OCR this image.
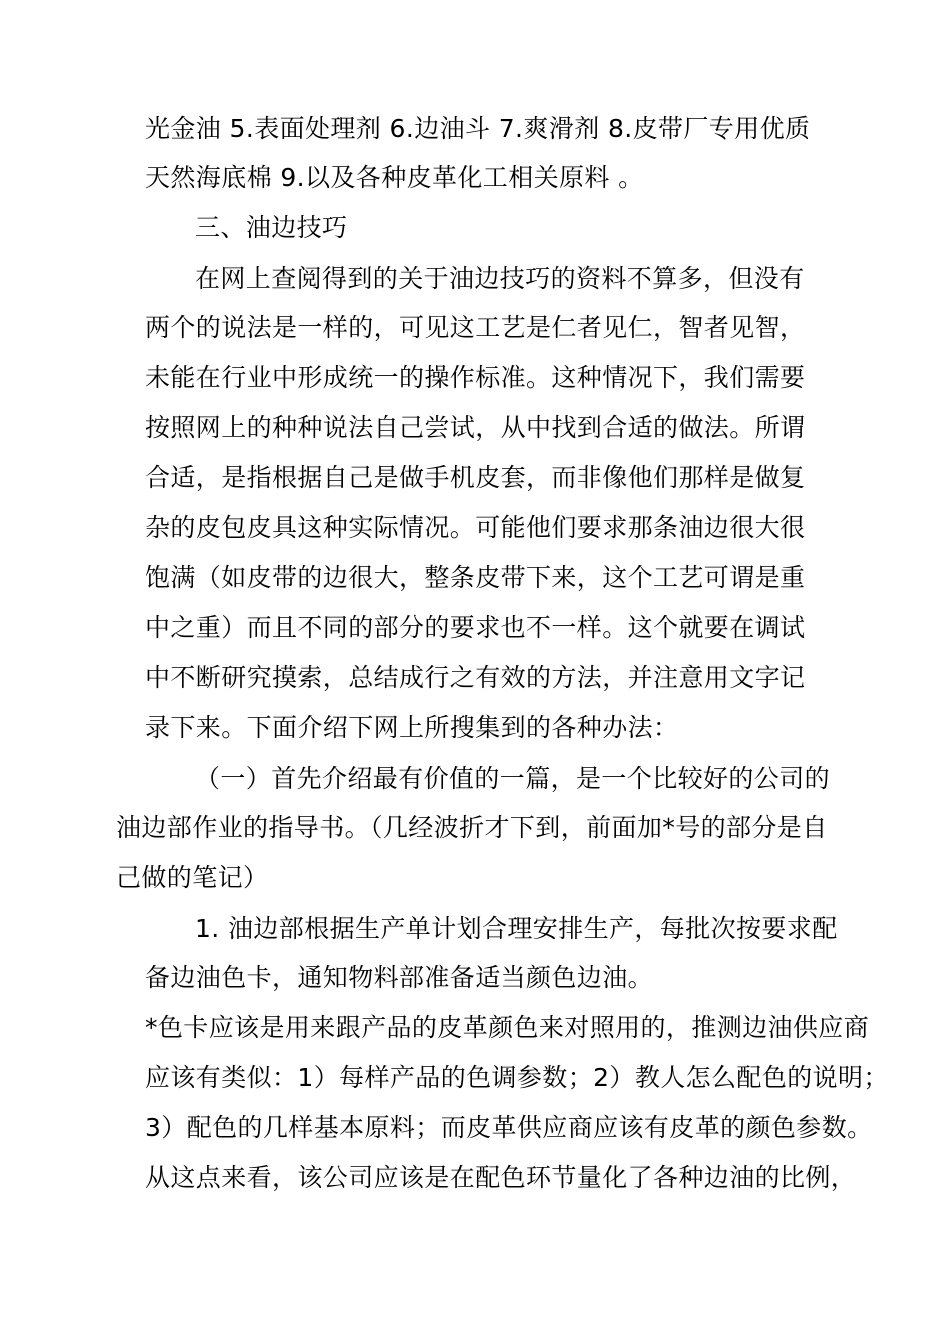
光金油 5.表面处理剂 6.边油斗 7.爽滑剂 8.皮带厂专用优质
天然海底棉 9.以及各种皮革化工相关原料 。
三、油边技巧
在网上查阅得到的关于油边技巧的资料不算多，但没有
两个的说法是一样的，可见这工艺是仁者见仁，智者见智，
未能在行业中形成统一的操作标准。这种情况下，我们需要
按照网上的种种说法自己尝试，从中找到合适的做法。所谓
合适，是指根据自己是做手机皮套，而非像他们那样是做复
杂的皮包皮具这种实际情况。可能他们要求那条油边很大很
饱满（如皮带的边很大，整条皮带下来，这个工艺可谓是重
中之重）而且不同的部分的要求也不一样。这个就要在调试
中不断研究摸索，总结成行之有效的方法，并注意用文字记
录下来。下面介绍下网上所搜集到的各种办法：
（一）首先介绍最有价值的一篇，是一个比较好的公司的
油边部作业的指导书。（几经波折才下到，前面加*号的部分是自
己做的笔记）
1. 油边部根据生产单计划合理安排生产，每批次按要求配
备边油色卡，通知物料部准备适当颜色边油。
*色卡应该是用来跟产品的皮革颜色来对照用的，推测边油供应商
应该有类似：1）每样产品的色调参数；2）教人怎么配色的说明；
3）配色的几样基本原料；而皮革供应商应该有皮革的颜色参数。
从这点来看，该公司应该是在配色环节量化了各种边油的比例，
